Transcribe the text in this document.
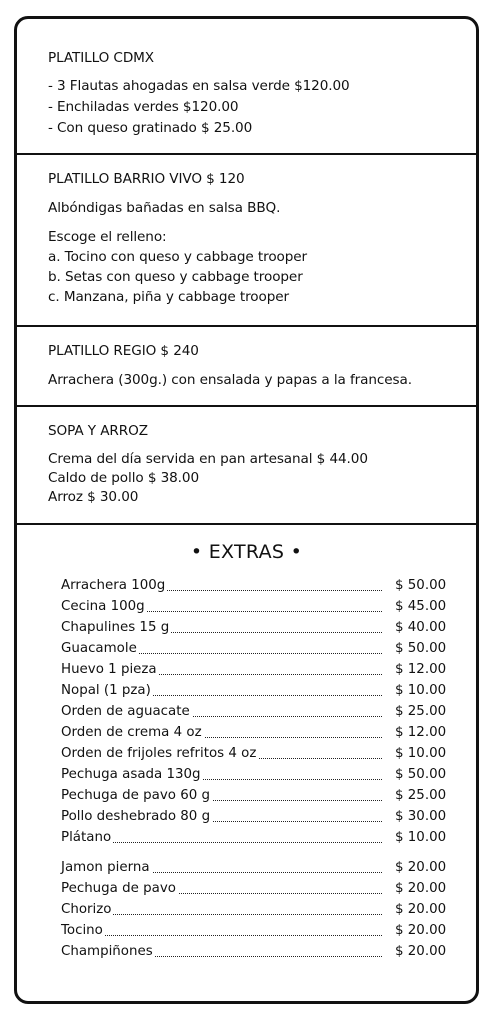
PLATILLO CDMX
- 3 Flautas ahogadas en salsa verde $120.00
- Enchiladas verdes $120.00
- Con queso gratinado $ 25.00
PLATILLO BARRIO VIVO $ 120
Albóndigas bañadas en salsa BBQ.
Escoge el relleno:
a. Tocino con queso y cabbage trooper
b. Setas con queso y cabbage trooper
c. Manzana, piña y cabbage trooper
PLATILLO REGIO $ 240
Arrachera (300g.) con ensalada y papas a la francesa.
SOPA Y ARROZ
Crema del día servida en pan artesanal $ 44.00
Caldo de pollo $ 38.00
Arroz $ 30.00
• EXTRAS •
Arrachera 100g	$ 50.00
Cecina 100g	$ 45.00
Chapulines 15 g	$ 40.00
Guacamole	$ 50.00
Huevo 1 pieza	$ 12.00
Nopal (1 pza)	$ 10.00
Orden de aguacate	$ 25.00
Orden de crema 4 oz	$ 12.00
Orden de frijoles refritos 4 oz	$ 10.00
Pechuga asada 130g	$ 50.00
Pechuga de pavo 60 g	$ 25.00
Pollo deshebrado 80 g	$ 30.00
Plátano	$ 10.00
Jamon pierna	$ 20.00
Pechuga de pavo	$ 20.00
Chorizo	$ 20.00
Tocino	$ 20.00
Champiñones	$ 20.00
